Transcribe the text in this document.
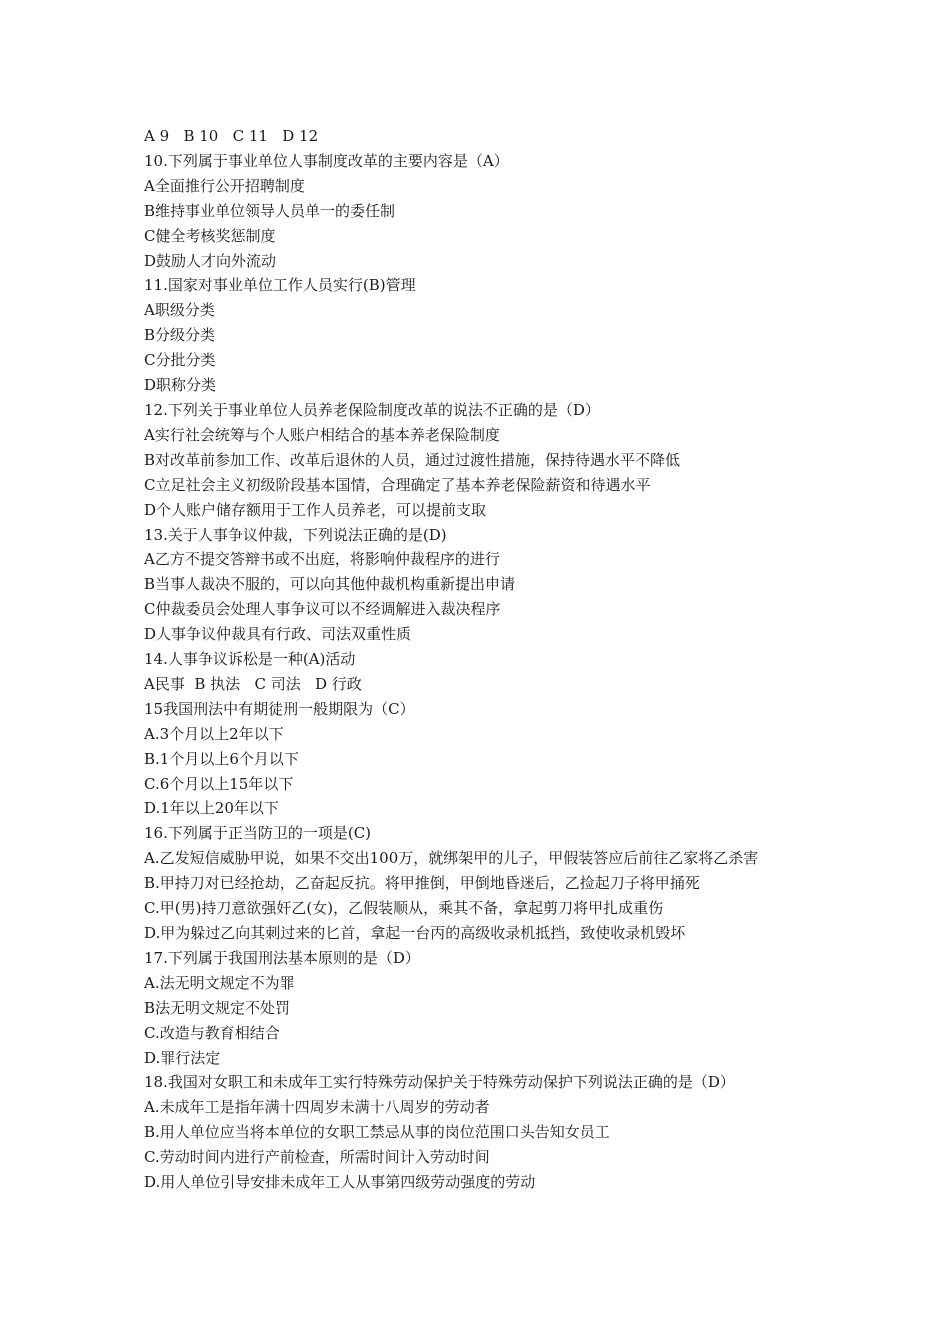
A 9   B 10   C 11   D 12

10.下列属于事业单位人事制度改革的主要内容是（A）

A全面推行公开招聘制度

B维持事业单位领导人员单一的委任制

C健全考核奖惩制度

D鼓励人才向外流动

11.国家对事业单位工作人员实行(B)管理

A职级分类

B分级分类

C分批分类

D职称分类

12.下列关于事业单位人员养老保险制度改革的说法不正确的是（D）

A实行社会统筹与个人账户相结合的基本养老保险制度

B对改革前参加工作、改革后退休的人员，通过过渡性措施，保持待遇水平不降低

C立足社会主义初级阶段基本国情，合理确定了基本养老保险薪资和待遇水平

D个人账户储存额用于工作人员养老，可以提前支取

13.关于人事争议仲裁，下列说法正确的是(D)

A乙方不提交答辩书或不出庭，将影响仲裁程序的进行

B当事人裁决不服的，可以向其他仲裁机构重新提出申请

C仲裁委员会处理人事争议可以不经调解进入裁决程序

D人事争议仲裁具有行政、司法双重性质

14.人事争议诉松是一种(A)活动

A民事  B 执法   C 司法   D 行政

15我国刑法中有期徒刑一般期限为（C）

A.3个月以上2年以下

B.1个月以上6个月以下

C.6个月以上15年以下

D.1年以上20年以下

16.下列属于正当防卫的一项是(C)

A.乙发短信威胁甲说，如果不交出100万，就绑架甲的儿子，甲假装答应后前往乙家将乙杀害

B.甲持刀对已经抢劫，乙奋起反抗。将甲推倒，甲倒地昏迷后，乙捡起刀子将甲捅死

C.甲(男)持刀意欲强奸乙(女)，乙假装顺从，乘其不备，拿起剪刀将甲扎成重伤

D.甲为躲过乙向其刺过来的匕首，拿起一台丙的高级收录机抵挡，致使收录机毁坏

17.下列属于我国刑法基本原则的是（D）

A.法无明文规定不为罪

B法无明文规定不处罚

C.改造与教育相结合

D.罪行法定

18.我国对女职工和未成年工实行特殊劳动保护关于特殊劳动保护下列说法正确的是（D）

A.未成年工是指年满十四周岁未满十八周岁的劳动者

B.用人单位应当将本单位的女职工禁忌从事的岗位范围口头告知女员工

C.劳动时间内进行产前检查，所需时间计入劳动时间

D.用人单位引导安排未成年工人从事第四级劳动强度的劳动
